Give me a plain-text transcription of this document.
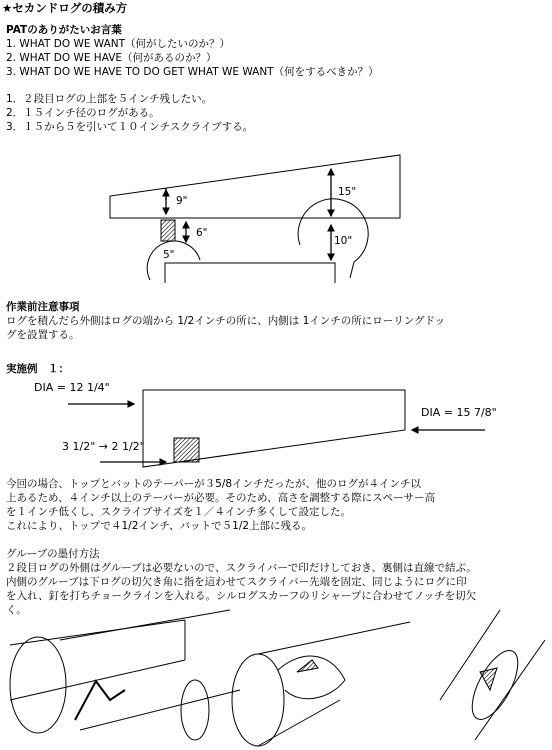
★セカンドログの積み方
PATのありがたいお言葉
1. WHAT DO WE WANT（何がしたいのか？）
2. WHAT DO WE HAVE（何があるのか？）
3. WHAT DO WE HAVE TO DO GET WHAT WE WANT（何をするべきか？）
1．２段目ログの上部を５インチ残したい。
2．１５インチ径のログがある。
3．１５から５を引いて１０インチスクライブする。
9"
15"
6"
10"
5"
作業前注意事項
ログを積んだら外側はログの端から 1/2インチの所に、内側は 1インチの所にローリングドッ
グを設置する。
実施例　１：
DIA = 12 1/4"
DIA = 15 7/8"
3 1/2" → 2 1/2"
今回の場合、トップとバットのテーパーが３5/8インチだったが、他のログが４インチ以
上あるため、４インチ以上のテーパーが必要。そのため、高さを調整する際にスペーサー高
を１インチ低くし、スクライブサイズを１／４インチ多くして設定した。
これにより、トップで４1/2インチ、バットで５1/2上部に残る。
グルーブの墨付方法
２段目ログの外側はグルーブは必要ないので、スクライバーで印だけしておき、裏側は直線で結ぶ。
内側のグルーブは下ログの切欠き角に指を這わせてスクライバー先端を固定、同じようにログに印
を入れ、釘を打ちチョークラインを入れる。シルログスカーフのリシャープに合わせてノッチを切欠
く。
